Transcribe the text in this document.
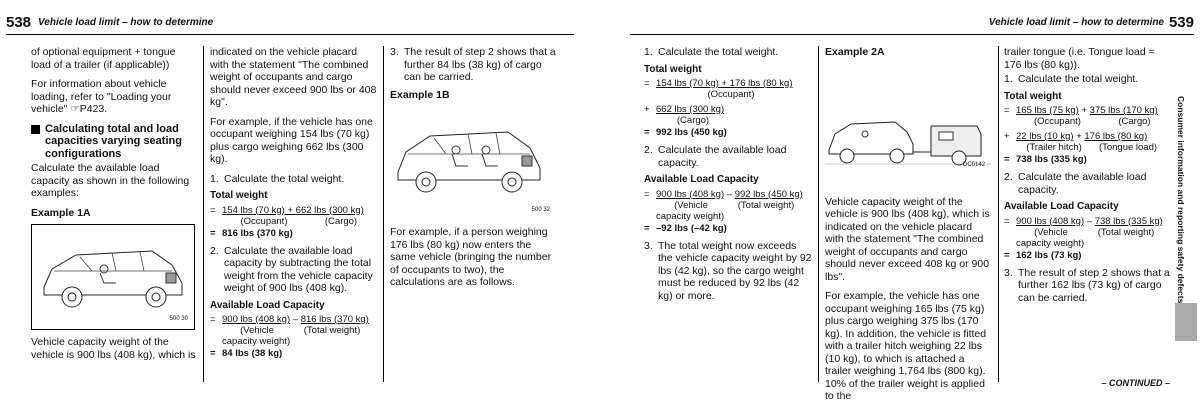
538 Vehicle load limit – how to determine

of optional equipment + tongue load of a trailer (if applicable))

For information about vehicle loading, refer to "Loading your vehicle" ☞P423.

Calculating total and load capacities varying seating configurations

Calculate the available load capacity as shown in the following examples:

Example 1A
500 30

Vehicle capacity weight of the vehicle is 900 lbs (408 kg), which is

indicated on the vehicle placard with the statement "The combined weight of occupants and cargo should never exceed 900 lbs or 408 kg".

For example, if the vehicle has one occupant weighing 154 lbs (70 kg) plus cargo weighing 662 lbs (300 kg).

1. Calculate the total weight.
Total weight
= 154 lbs (70 kg) + 662 lbs (300 kg)
(Occupant)	(Cargo)
= 816 lbs (370 kg)
2. Calculate the available load capacity by subtracting the total weight from the vehicle capacity weight of 900 lbs (408 kg).
Available Load Capacity
= 900 lbs (408 kg) – 816 lbs (370 kg)
(Vehicle	(Total weight)
capacity weight)
= 84 lbs (38 kg)
3. The result of step 2 shows that a further 84 lbs (38 kg) of cargo can be carried.
Example 1B
500 32

For example, if a person weighing 176 lbs (80 kg) now enters the same vehicle (bringing the number of occupants to two), the calculations are as follows.

Vehicle load limit – how to determine 539
1. Calculate the total weight.
Total weight
= 154 lbs (70 kg) + 176 lbs (80 kg)
(Occupant)
+ 662 lbs (300 kg)
(Cargo)
= 992 lbs (450 kg)
2. Calculate the available load capacity.
Available Load Capacity
= 900 lbs (408 kg) – 992 lbs (450 kg)
(Vehicle	(Total weight)
capacity weight)
= –92 lbs (–42 kg)
3. The total weight now exceeds the vehicle capacity weight by 92 lbs (42 kg), so the cargo weight must be reduced by 92 lbs (42 kg) or more.
Example 2A
DC0142

Vehicle capacity weight of the vehicle is 900 lbs (408 kg), which is indicated on the vehicle placard with the statement "The combined weight of occupants and cargo should never exceed 408 kg or 900 lbs".

For example, the vehicle has one occupant weighing 165 lbs (75 kg) plus cargo weighing 375 lbs (170 kg). In addition, the vehicle is fitted with a trailer hitch weighing 22 lbs (10 kg), to which is attached a trailer weighing 1,764 lbs (800 kg). 10% of the trailer weight is applied to the

trailer tongue (i.e. Tongue load = 176 lbs (80 kg)).

1. Calculate the total weight.
Total weight
= 165 lbs (75 kg) + 375 lbs (170 kg)
(Occupant)	(Cargo)
+ 22 lbs (10 kg) + 176 lbs (80 kg)
(Trailer hitch)	(Tongue load)
= 738 lbs (335 kg)
2. Calculate the available load capacity.
Available Load Capacity
= 900 lbs (408 kg) – 738 lbs (335 kg)
(Vehicle	(Total weight)
capacity weight)
= 162 lbs (73 kg)
3. The result of step 2 shows that a further 162 lbs (73 kg) of cargo can be carried.	Consumer information and reporting safety defects
– CONTINUED –
